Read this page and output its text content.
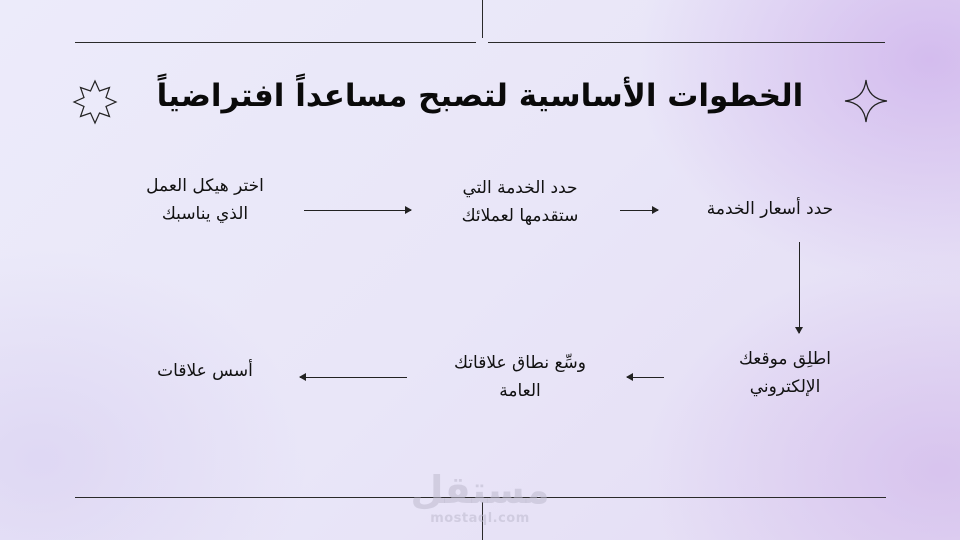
الخطوات الأساسية لتصبح مساعداً افتراضياً
اختر هيكل العمل
الذي يناسبك
حدد الخدمة التي
ستقدمها لعملائك	حدد أسعار الخدمة
اطلِق موقعك
الإلكتروني
وسِّع نطاق علاقاتك
العامة
أسس علاقات
مستقل
mostaql.com
